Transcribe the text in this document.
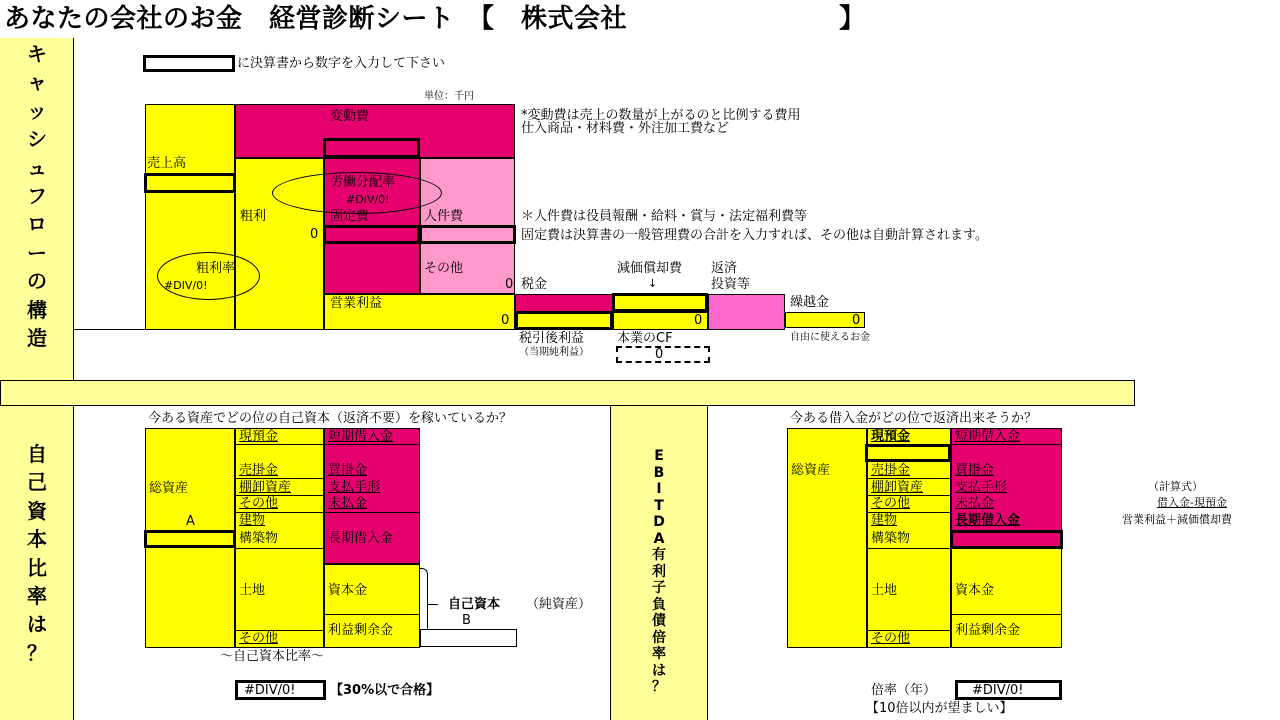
あなたの会社のお金　経営診断シート　【　株式会社　　　　　　　　】
キ
ャ
ッ
シ
ュ
フ
ロ
ー
の
構
造
自
己
資
本
比
率
は
？
E
B
I
T
D
A
有
利
子
負
債
倍
率
は
？
に決算書から数字を入力して下さい
単位：千円
売上高
変動費
粗利
0
労働分配率
#DIV/0!
固定費	人件費
その他
0
粗利率
#DIV/0!
営業利益
0
税金
税引後利益
（当期純利益）
減価償却費
↓
0
本業のCF
0
返済
投資等
繰越金
0
自由に使えるお金
*変動費は売上の数量が上がるのと比例する費用
仕入商品・材料費・外注加工費など
＊人件費は役員報酬・給料・賞与・法定福利費等
固定費は決算書の一般管理費の合計を入力すれば、その他は自動計算されます。
今ある資産でどの位の自己資本（返済不要）を稼いているか？
総資産
A
現預金
売掛金
棚卸資産
その他
建物
構築物
土地
その他
短期借入金
買掛金
支払手形
未払金
長期借入金
資本金
利益剰余金
自己資本 （純資産）
B
～自己資本比率～
#DIV/0!	【30%以で合格】
今ある借入金がどの位で返済出来そうか？
総資産
現預金
売掛金
棚卸資産
その他
建物
構築物
土地
その他
短期借入金
買掛金
支払手形
未払金
長期借入金
資本金
利益剰余金
（計算式）
借入金-現預金
営業利益＋減価償却費
倍率（年）	#DIV/0!
【10倍以内が望ましい】
